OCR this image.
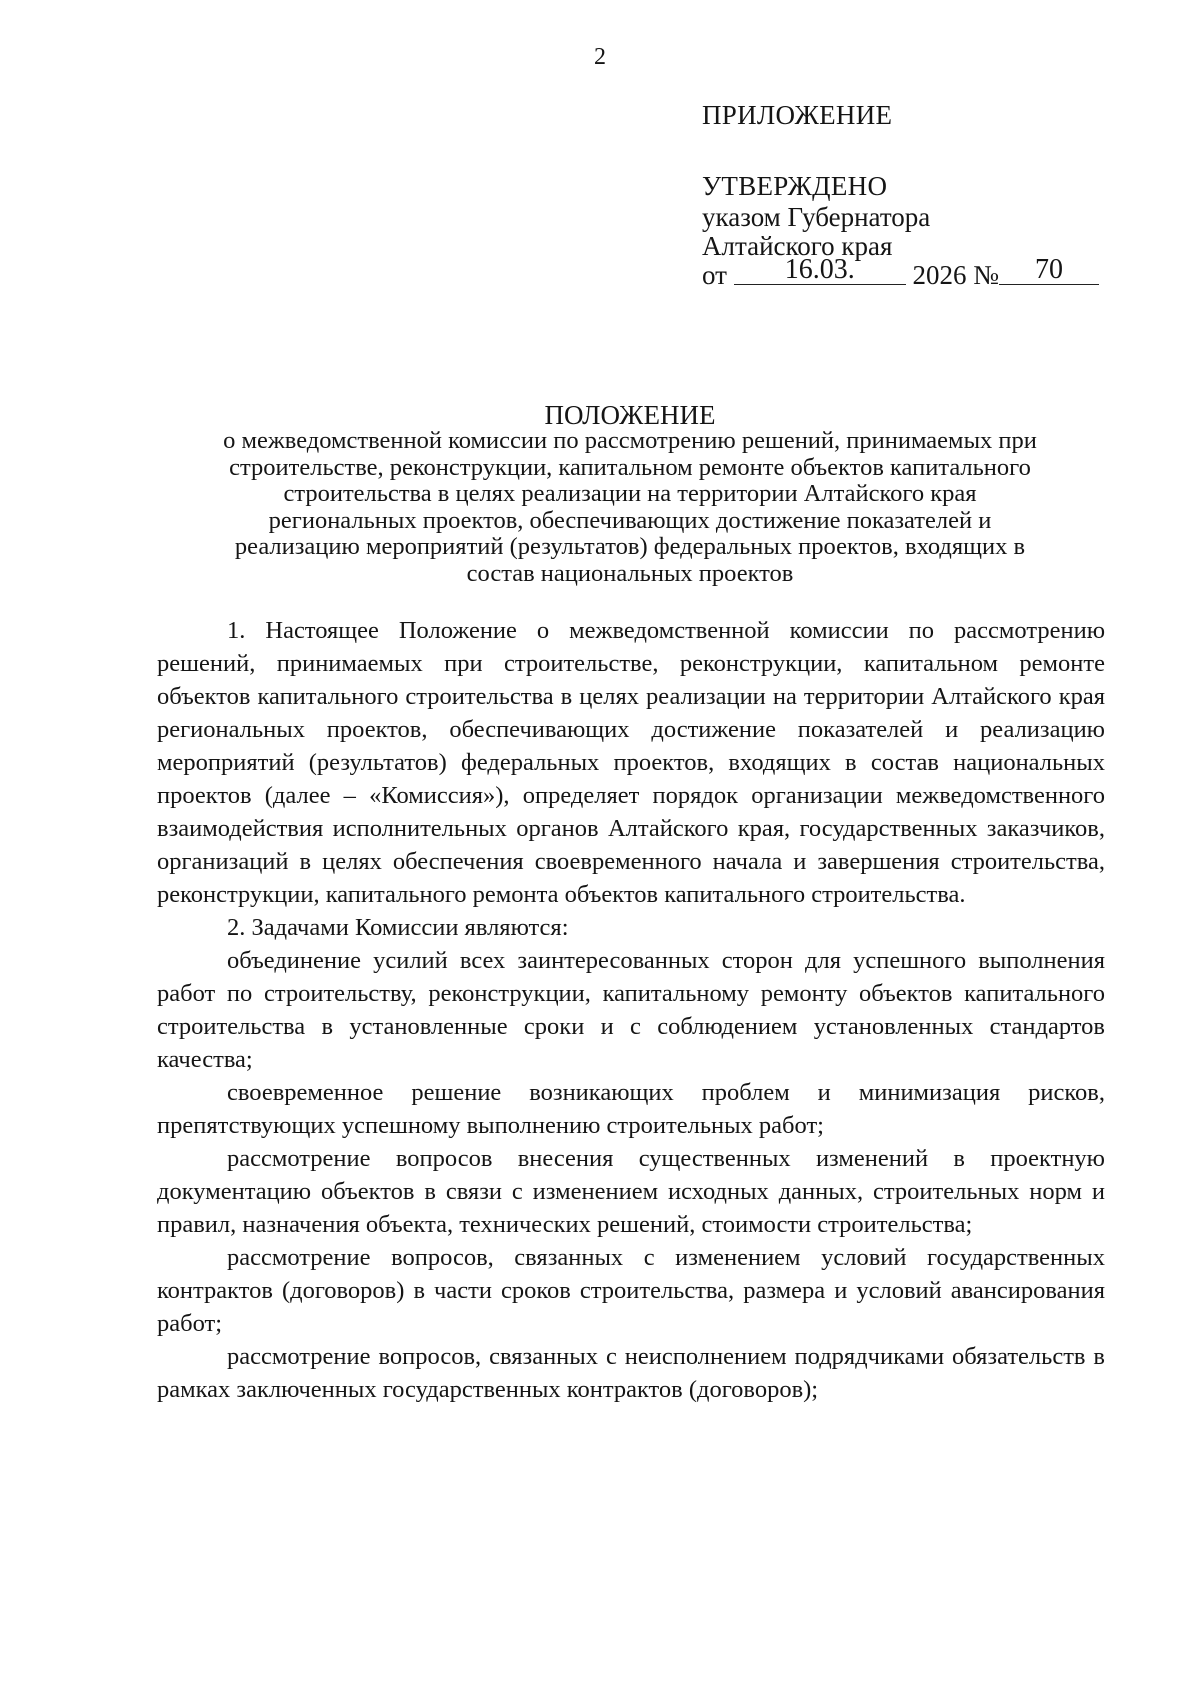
2
ПРИЛОЖЕНИЕ
УТВЕРЖДЕНО
указом Губернатора
Алтайского края
от 16.03. 2026 № 70
ПОЛОЖЕНИЕ
о межведомственной комиссии по рассмотрению решений, принимаемых при
строительстве, реконструкции, капитальном ремонте объектов капитального
строительства в целях реализации на территории Алтайского края
региональных проектов, обеспечивающих достижение показателей и
реализацию мероприятий (результатов) федеральных проектов, входящих в
состав национальных проектов

1. Настоящее Положение о межведомственной комиссии по рассмотрению решений, принимаемых при строительстве, реконструкции, капитальном ремонте объектов капитального строительства в целях реализации на территории Алтайского края региональных проектов, обеспечивающих достижение показателей и реализацию мероприятий (результатов) федеральных проектов, входящих в состав национальных проектов (далее – «Комиссия»), определяет порядок организации межведомственного взаимодействия исполнительных органов Алтайского края, государственных заказчиков, организаций в целях обеспечения своевременного начала и завершения строительства, реконструкции, капитального ремонта объектов капитального строительства.

2. Задачами Комиссии являются:

объединение усилий всех заинтересованных сторон для успешного выполнения работ по строительству, реконструкции, капитальному ремонту объектов капитального строительства в установленные сроки и с соблюдением установленных стандартов качества;

своевременное решение возникающих проблем и минимизация рисков, препятствующих успешному выполнению строительных работ;

рассмотрение вопросов внесения существенных изменений в проектную документацию объектов в связи с изменением исходных данных, строительных норм и правил, назначения объекта, технических решений, стоимости строительства;

рассмотрение вопросов, связанных с изменением условий государственных контрактов (договоров) в части сроков строительства, размера и условий авансирования работ;

рассмотрение вопросов, связанных с неисполнением подрядчиками обязательств в рамках заключенных государственных контрактов (договоров);
